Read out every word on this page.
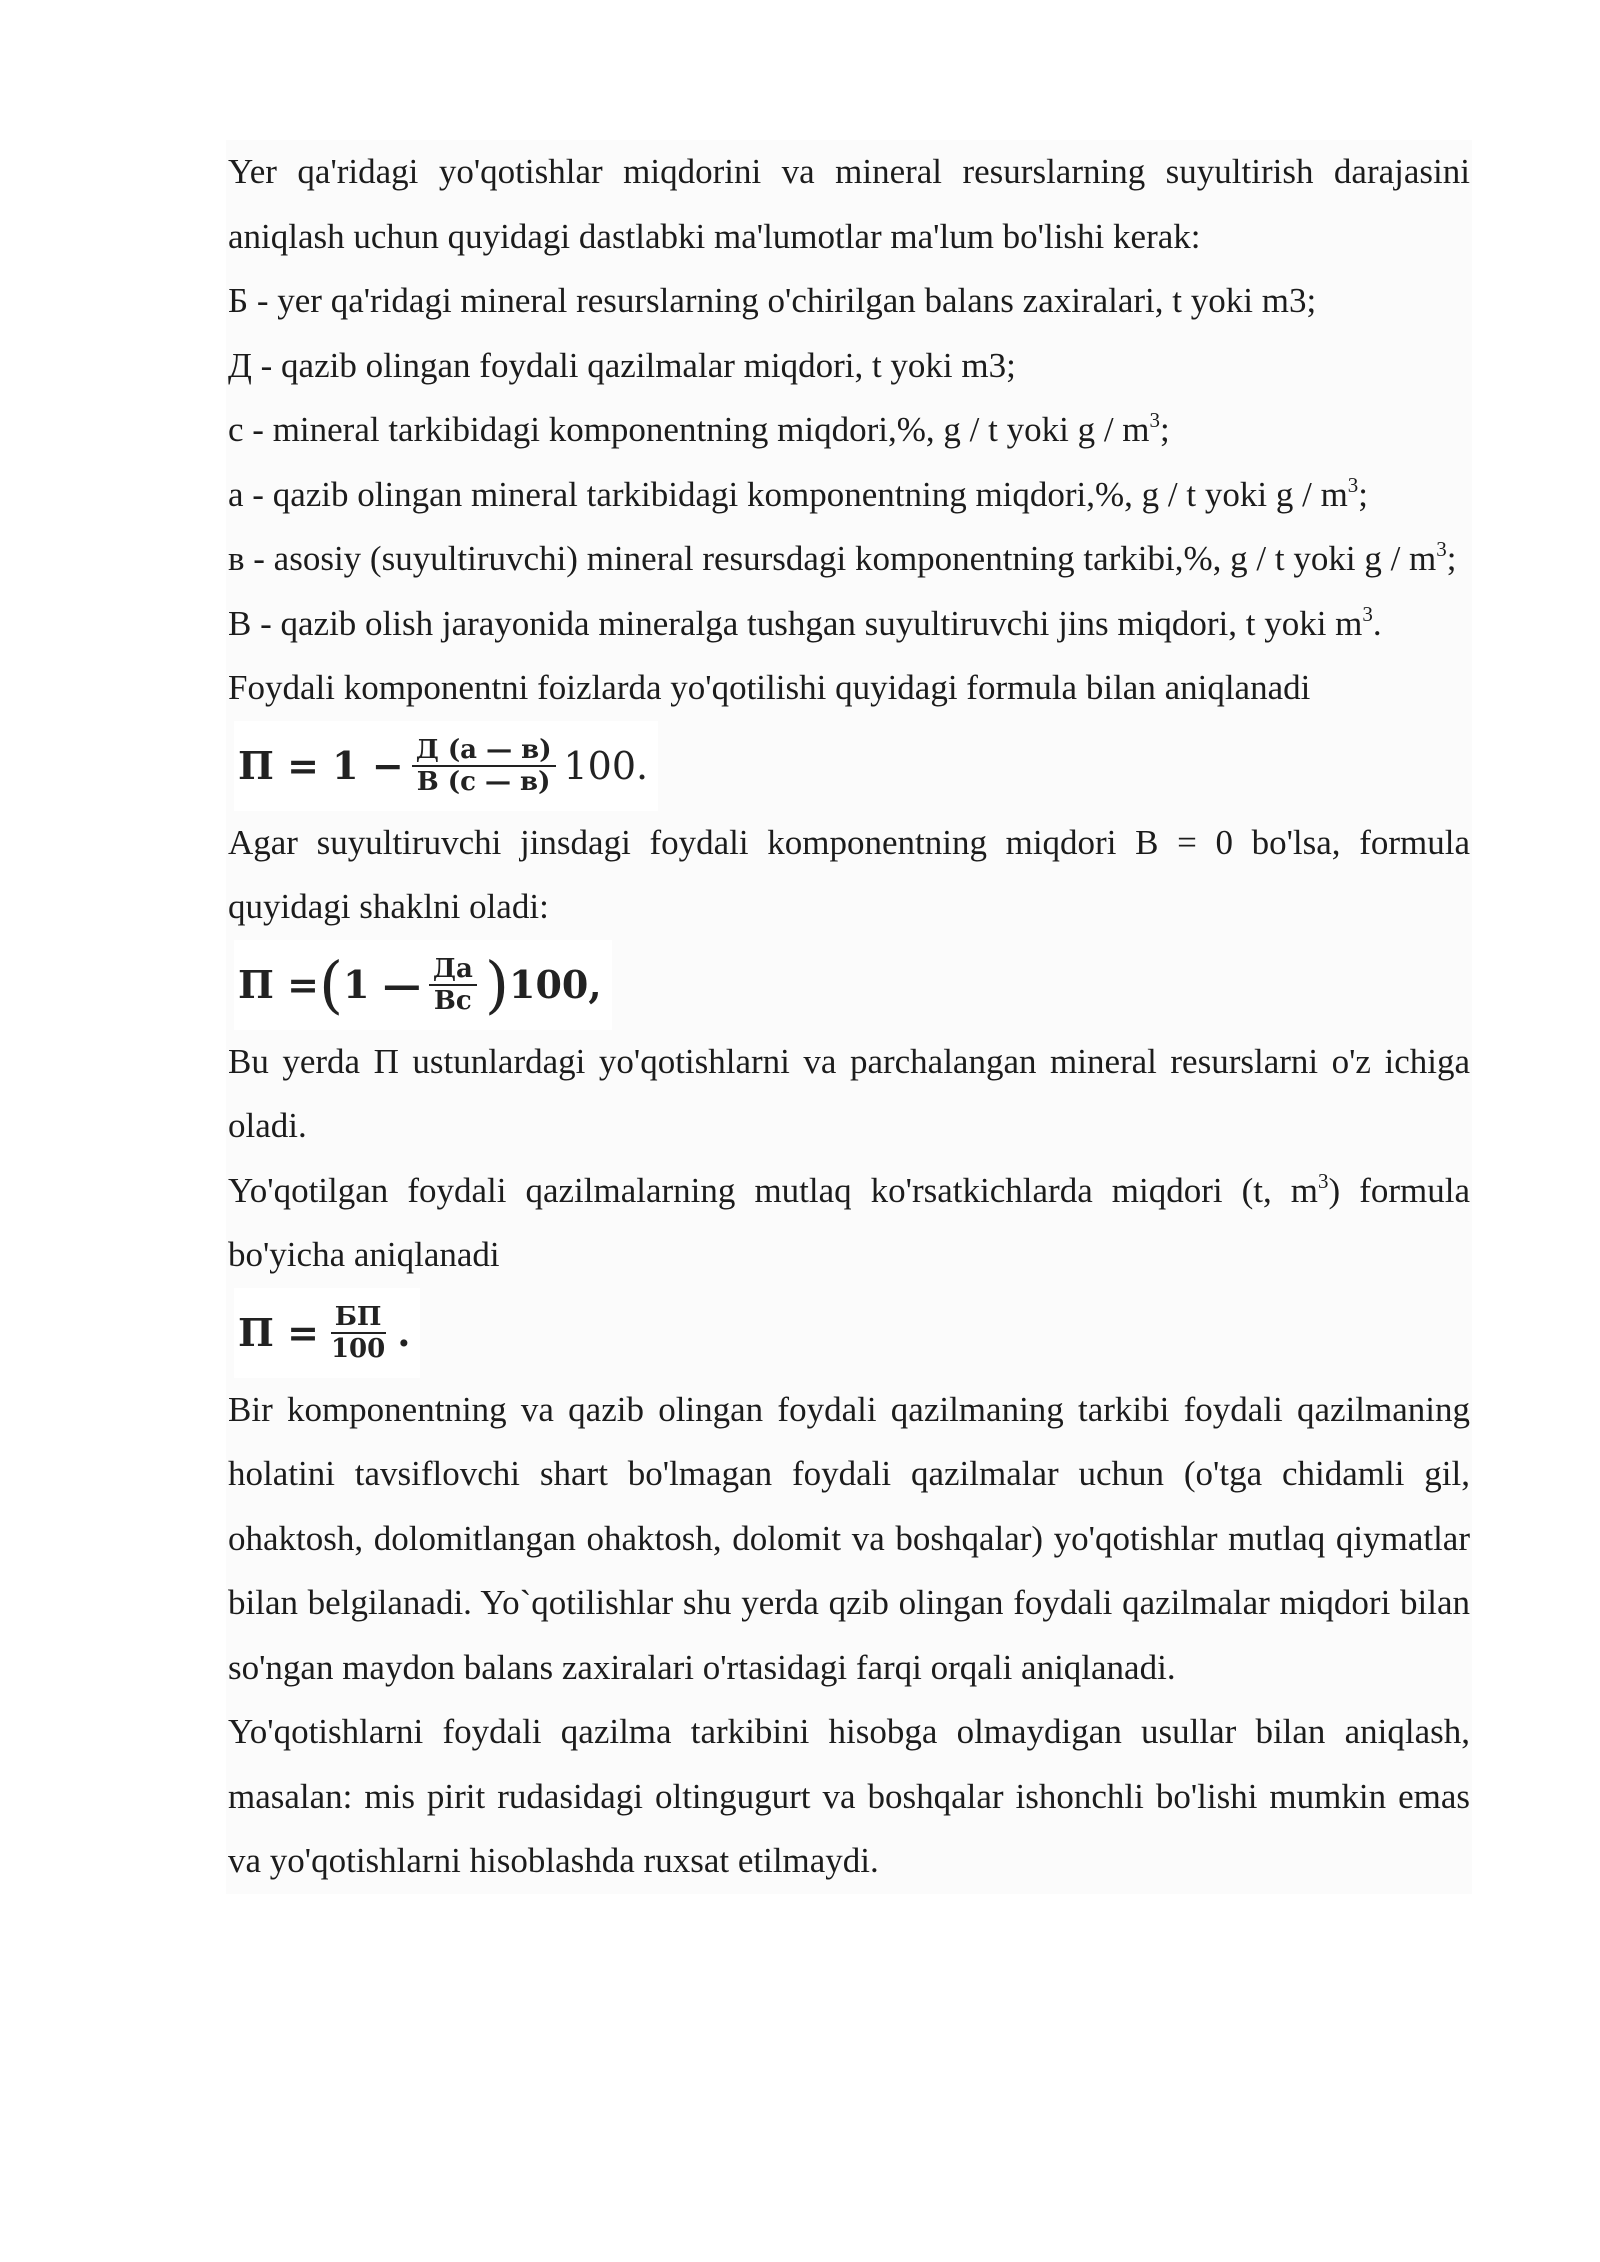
Yer qa'ridagi yo'qotishlar miqdorini va mineral resurslarning suyultirish darajasini aniqlash uchun quyidagi dastlabki ma'lumotlar ma'lum bo'lishi kerak:

Б - yer qa'ridagi mineral resurslarning o'chirilgan balans zaxiralari, t yoki m3;

Д - qazib olingan foydali qazilmalar miqdori, t yoki m3;

c - mineral tarkibidagi komponentning miqdori,%, g / t yoki g / $m^3$;

a - qazib olingan mineral tarkibidagi komponentning miqdori,%, g / t yoki g / $m^3$;

в - asosiy (suyultiruvchi) mineral resursdagi komponentning tarkibi,%, g / t yoki g / $m^3$;

B - qazib olish jarayonida mineralga tushgan suyultiruvchi jins miqdori, t yoki $m^3$.

Foydali komponentni foizlarda yo'qotilishi quyidagi formula bilan aniqlanadi

$П = 1 - \frac{Д (а — в)}{В (с — в)} 100$.

Agar suyultiruvchi jinsdagi foydali komponentning miqdori B = 0 bo'lsa, formula quyidagi shaklni oladi:

П = ( 1 — $\frac{Да}{Вс}$ ) 100,

Bu yerda П ustunlardagi yo'qotishlarni va parchalangan mineral resurslarni o'z ichiga oladi.

Yo'qotilgan foydali qazilmalarning mutlaq ko'rsatkichlarda miqdori (t, $m^3$) formula bo'yicha aniqlanadi

$П = \frac{БП}{100}$ .

Bir komponentning va qazib olingan foydali qazilmaning tarkibi foydali qazilmaning holatini tavsiflovchi shart bo'lmagan foydali qazilmalar uchun (o'tga chidamli gil, ohaktosh, dolomitlangan ohaktosh, dolomit va boshqalar) yo'qotishlar mutlaq qiymatlar bilan belgilanadi. Yo`qotilishlar shu yerda qzib olingan foydali qazilmalar miqdori bilan so'ngan maydon balans zaxiralari o'rtasidagi farqi orqali aniqlanadi.

Yo'qotishlarni foydali qazilma tarkibini hisobga olmaydigan usullar bilan aniqlash, masalan: mis pirit rudasidagi oltingugurt va boshqalar ishonchli bo'lishi mumkin emas va yo'qotishlarni hisoblashda ruxsat etilmaydi.
